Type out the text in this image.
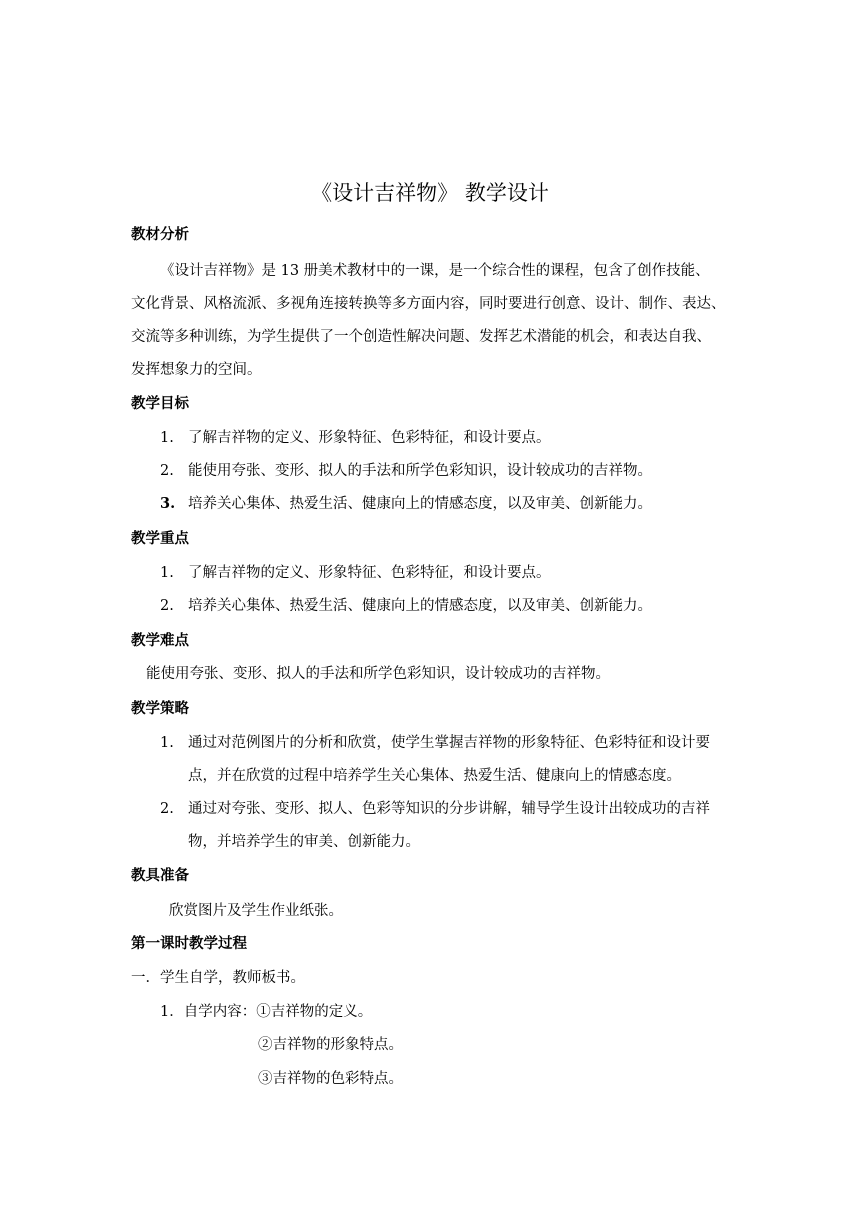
《设计吉祥物》 教学设计
教材分析
《设计吉祥物》是 13 册美术教材中的一课，是一个综合性的课程，包含了创作技能、
文化背景、风格流派、多视角连接转换等多方面内容，同时要进行创意、设计、制作、表达、
交流等多种训练，为学生提供了一个创造性解决问题、发挥艺术潜能的机会，和表达自我、
发挥想象力的空间。
教学目标
1. 了解吉祥物的定义、形象特征、色彩特征，和设计要点。
2. 能使用夸张、变形、拟人的手法和所学色彩知识，设计较成功的吉祥物。
3. 培养关心集体、热爱生活、健康向上的情感态度，以及审美、创新能力。
教学重点
1. 了解吉祥物的定义、形象特征、色彩特征，和设计要点。
2. 培养关心集体、热爱生活、健康向上的情感态度，以及审美、创新能力。
教学难点
能使用夸张、变形、拟人的手法和所学色彩知识，设计较成功的吉祥物。
教学策略
1. 通过对范例图片的分析和欣赏，使学生掌握吉祥物的形象特征、色彩特征和设计要
点，并在欣赏的过程中培养学生关心集体、热爱生活、健康向上的情感态度。
2. 通过对夸张、变形、拟人、色彩等知识的分步讲解，辅导学生设计出较成功的吉祥
物，并培养学生的审美、创新能力。
教具准备
欣赏图片及学生作业纸张。
第一课时教学过程
一．学生自学，教师板书。
1．自学内容：①吉祥物的定义。
②吉祥物的形象特点。
③吉祥物的色彩特点。
